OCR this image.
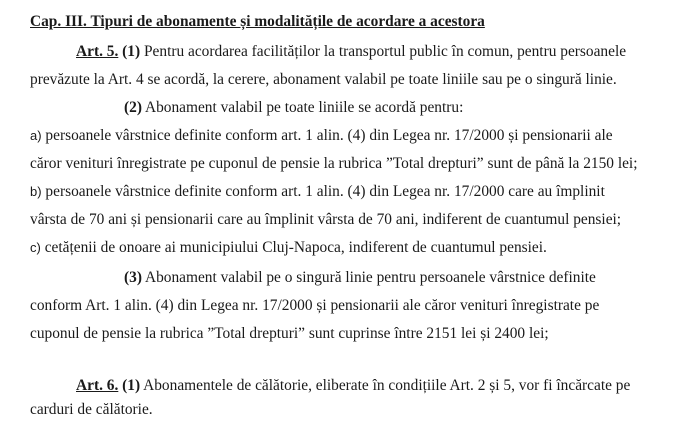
Cap. III. Tipuri de abonamente și modalitățile de acordare a acestora
Art. 5. (1) Pentru acordarea facilităților la transportul public în comun, pentru persoanele
prevăzute la Art. 4 se acordă, la cerere, abonament valabil pe toate liniile sau pe o singură linie.
(2) Abonament valabil pe toate liniile se acordă pentru:
a) persoanele vârstnice definite conform art. 1 alin. (4) din Legea nr. 17/2000 și pensionarii ale
căror venituri înregistrate pe cuponul de pensie la rubrica ”Total drepturi” sunt de până la 2150 lei;
b) persoanele vârstnice definite conform art. 1 alin. (4) din Legea nr. 17/2000 care au împlinit
vârsta de 70 ani și pensionarii care au împlinit vârsta de 70 ani, indiferent de cuantumul pensiei;
c) cetățenii de onoare ai municipiului Cluj-Napoca, indiferent de cuantumul pensiei.
(3) Abonament valabil pe o singură linie pentru persoanele vârstnice definite
conform Art. 1 alin. (4) din Legea nr. 17/2000 și pensionarii ale căror venituri înregistrate pe
cuponul de pensie la rubrica ”Total drepturi” sunt cuprinse între 2151 lei și 2400 lei;
Art. 6. (1) Abonamentele de călătorie, eliberate în condițiile Art. 2 și 5, vor fi încărcate pe
carduri de călătorie.
